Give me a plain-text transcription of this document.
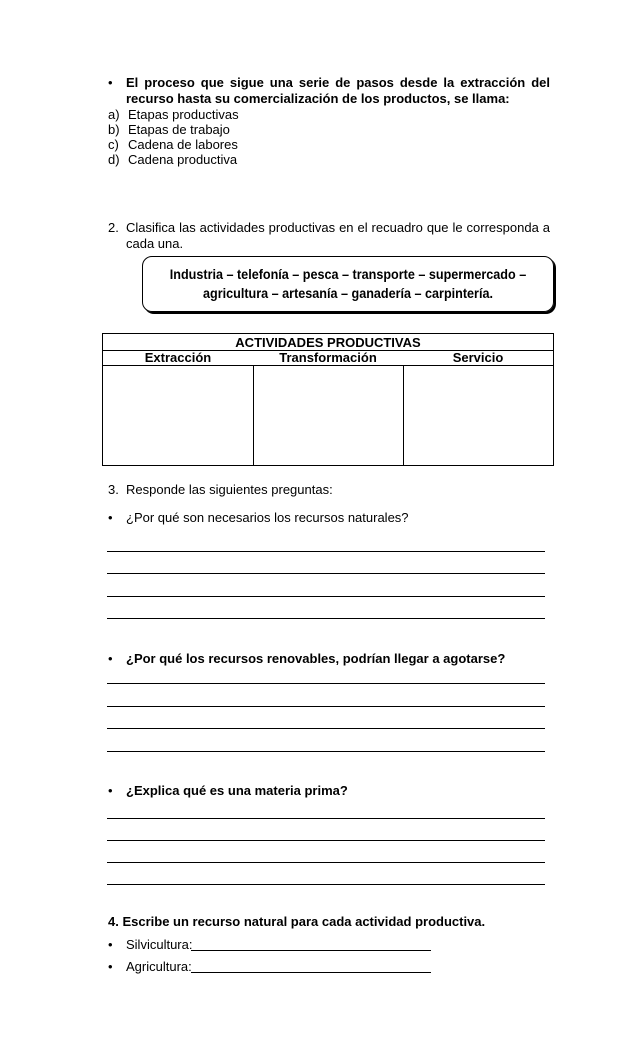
• El proceso que sigue una serie de pasos desde la extracción del
recurso hasta su comercialización de los productos, se llama:
a) Etapas productivas
b) Etapas de trabajo
c) Cadena de labores
d) Cadena productiva
2. Clasifica las actividades productivas en el recuadro que le corresponda a
cada una.
Industria – telefonía – pesca – transporte – supermercado –
agricultura – artesanía – ganadería – carpintería.
ACTIVIDADES PRODUCTIVAS
Extracción	Transformación	Servicio
3. Responde las siguientes preguntas:
• ¿Por qué son necesarios los recursos naturales?
• ¿Por qué los recursos renovables, podrían llegar a agotarse?
• ¿Explica qué es una materia prima?
4. Escribe un recurso natural para cada actividad productiva.
• Silvicultura:
• Agricultura:
